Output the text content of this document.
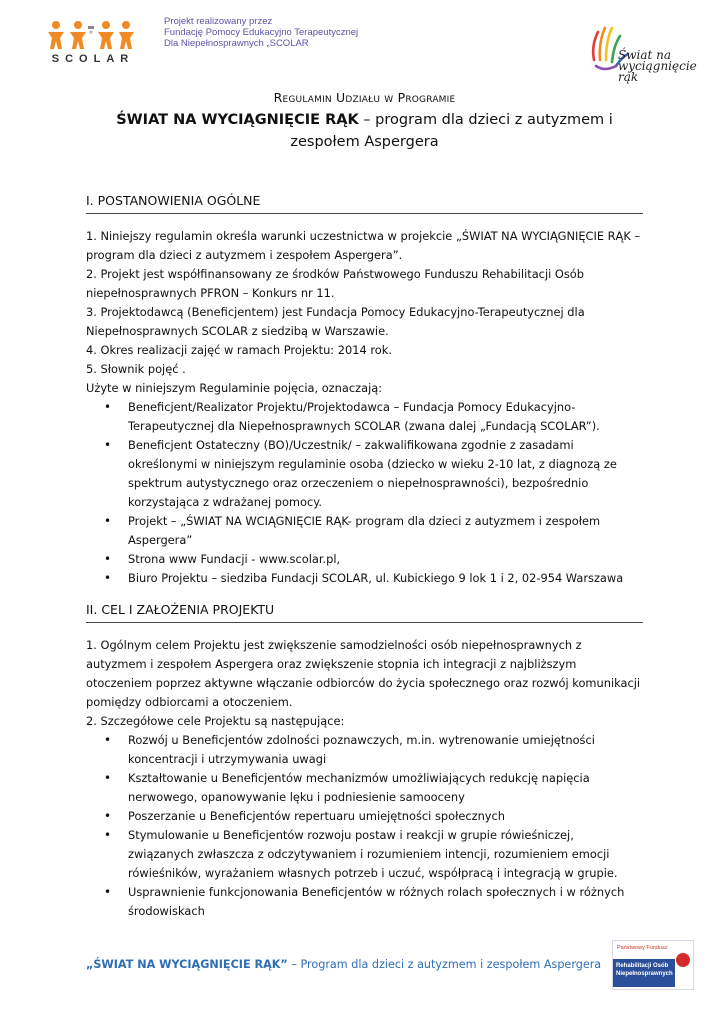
★
SCOLAR
Projekt realizowany przez
Fundację Pomocy Edukacyjno Terapeutycznej
Dla Niepełnosprawnych „SCOLAR
Świat na
wyciągnięcie
rąk
Regulamin Udziału w Programie
ŚWIAT NA WYCIĄGNIĘCIE RĄK – program dla dzieci z autyzmem i zespołem Aspergera
I. POSTANOWIENIA OGÓLNE
1. Niniejszy regulamin określa warunki uczestnictwa w projekcie „ŚWIAT NA WYCIĄGNIĘCIE RĄK – program dla dzieci z autyzmem i zespołem Aspergera”.
2. Projekt jest współfinansowany ze środków Państwowego Funduszu Rehabilitacji Osób niepełnosprawnych PFRON – Konkurs nr 11.
3. Projektodawcą (Beneficjentem) jest Fundacja Pomocy Edukacyjno-Terapeutycznej dla Niepełnosprawnych SCOLAR z siedzibą w Warszawie.
4. Okres realizacji zajęć w ramach Projektu: 2014 rok.
5. Słownik pojęć .
Użyte w niniejszym Regulaminie pojęcia, oznaczają:
• Beneficjent/Realizator Projektu/Projektodawca – Fundacja Pomocy Edukacyjno-Terapeutycznej dla Niepełnosprawnych SCOLAR (zwana dalej „Fundacją SCOLAR”).
• Beneficjent Ostateczny (BO)/Uczestnik/ – zakwalifikowana zgodnie z zasadami określonymi w niniejszym regulaminie osoba (dziecko w wieku 2-10 lat, z diagnozą ze spektrum autystycznego oraz orzeczeniem o niepełnosprawności), bezpośrednio korzystająca z wdrażanej pomocy.
• Projekt – „ŚWIAT NA WCIĄGNIĘCIE RĄK- program dla dzieci z autyzmem i zespołem Aspergera”
• Strona www Fundacji - www.scolar.pl,
• Biuro Projektu – siedziba Fundacji SCOLAR, ul. Kubickiego 9 lok 1 i 2, 02-954 Warszawa
II. CEL I ZAŁOŻENIA PROJEKTU
1. Ogólnym celem Projektu jest zwiększenie samodzielności osób niepełnosprawnych z autyzmem i zespołem Aspergera oraz zwiększenie stopnia ich integracji z najbliższym otoczeniem poprzez aktywne włączanie odbiorców do życia społecznego oraz rozwój komunikacji pomiędzy odbiorcami a otoczeniem.
2. Szczegółowe cele Projektu są następujące:
• Rozwój u Beneficjentów zdolności poznawczych, m.in. wytrenowanie umiejętności koncentracji i utrzymywania uwagi
• Kształtowanie u Beneficjentów mechanizmów umożliwiających redukcję napięcia nerwowego, opanowywanie lęku i podniesienie samooceny
• Poszerzanie u Beneficjentów repertuaru umiejętności społecznych
• Stymulowanie u Beneficjentów rozwoju postaw i reakcji w grupie rówieśniczej, związanych zwłaszcza z odczytywaniem i rozumieniem intencji, rozumieniem emocji rówieśników, wyrażaniem własnych potrzeb i uczuć, współpracą i integracją w grupie.
• Usprawnienie funkcjonowania Beneficjentów w różnych rolach społecznych i w różnych środowiskach
„ŚWIAT NA WYCIĄGNIĘCIE RĄK” – Program dla dzieci z autyzmem i zespołem Aspergera
Państwowy Fundusz
Rehabilitacji Osób
Niepełnosprawnych
